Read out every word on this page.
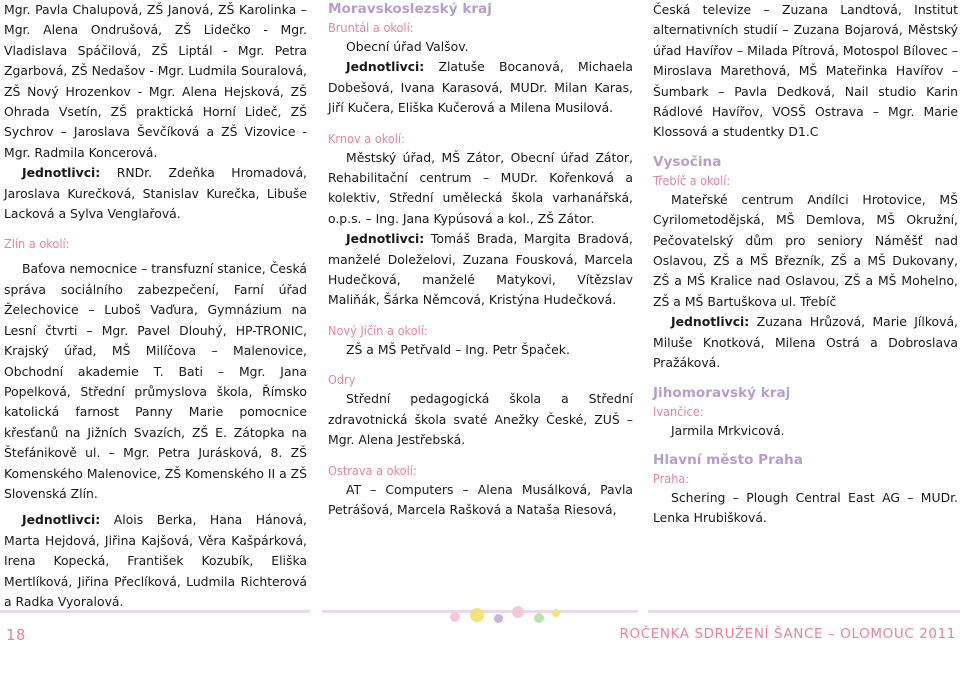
Mgr. Pavla Chalupová, ZŠ Janová, ZŠ Karolinka – Mgr. Alena Ondrušová, ZŠ Lidečko - Mgr. Vladislava Spáčilová, ZŠ Liptál - Mgr. Petra Zgarbová, ZŠ Nedašov - Mgr. Ludmila Souralová, ZŠ Nový Hrozenkov - Mgr. Alena Hejsková, ZŠ Ohrada Vsetín, ZŠ praktická Horní Lideč, ZŠ Sychrov – Jaroslava Ševčíková a ZŠ Vizovice - Mgr. Radmila Koncerová.

Jednotlivci: RNDr. Zdeňka Hromadová, Jaroslava Kurečková, Stanislav Kurečka, Libuše Lacková a Sylva Venglařová.

Zlín a okolí:

Baťova nemocnice – transfuzní stanice, Česká správa sociálního zabezpečení, Farní úřad Želechovice – Luboš Vaďura, Gymnázium na Lesní čtvrti – Mgr. Pavel Dlouhý, HP-TRONIC, Krajský úřad, MŠ Milíčova – Malenovice, Obchodní akademie T. Bati – Mgr. Jana Popelková, Střední průmyslova škola, Římsko katolická farnost Panny Marie pomocnice křesťanů na Jižních Svazích, ZŠ E. Zátopka na Štefánikově ul. – Mgr. Petra Jurásková, 8. ZŠ Komenského Malenovice, ZŠ Komenského II a ZŠ Slovenská Zlín.

Jednotlivci: Alois Berka, Hana Hánová, Marta Hejdová, Jiřina Kajšová, Věra Kašpárková, Irena Kopecká, František Kozubík, Eliška Mertlíková, Jiřina Přeclíková, Ludmila Richterová a Radka Vyoralová.

Moravskoslezský kraj
Bruntál a okolí:

Obecní úřad Valšov.

Jednotlivci: Zlatuše Bocanová, Michaela Dobešová, Ivana Karasová, MUDr. Milan Karas, Jiří Kučera, Eliška Kučerová a Milena Musilová.

Krnov a okolí:

Městský úřad, MŠ Zátor, Obecní úřad Zátor, Rehabilitační centrum – MUDr. Kořenková a kolektiv, Střední umělecká škola varhanářská, o.p.s. – Ing. Jana Kypúsová a kol., ZŠ Zátor.

Jednotlivci: Tomáš Brada, Margita Bradová, manželé Doleželovi, Zuzana Fousková, Marcela Hudečková, manželé Matykovi, Vítězslav Maliňák, Šárka Němcová, Kristýna Hudečková.

Nový Jičín a okolí:

ZŠ a MŠ Petřvald – Ing. Petr Špaček.

Odry

Střední pedagogická škola a Střední zdravotnická škola svaté Anežky České, ZUŠ – Mgr. Alena Jestřebská.

Ostrava a okolí:

AT – Computers – Alena Musálková, Pavla Petrášová, Marcela Rašková a Nataša Riesová,

Česká televize – Zuzana Landtová, Institut alternativních studií – Zuzana Bojarová, Městský úřad Havířov – Milada Pítrová, Motospol Bílovec – Miroslava Marethová, MŠ Mateřinka Havířov – Šumbark – Pavla Dedková, Nail studio Karin Rádlové Havířov, VOSŠ Ostrava – Mgr. Marie Klossová a studentky D1.C

Vysočina
Třebíč a okolí:

Mateřské centrum Andílci Hrotovice, MŠ Cyrilometodějská, MŠ Demlova, MŠ Okružní, Pečovatelský dům pro seniory Náměšť nad Oslavou, ZŠ a MŠ Březník, ZŠ a MŠ Dukovany, ZŠ a MŠ Kralice nad Oslavou, ZŠ a MŠ Mohelno, ZŠ a MŠ Bartuškova ul. Třebíč

Jednotlivci: Zuzana Hrůzová, Marie Jílková, Miluše Knotková, Milena Ostrá a Dobroslava Pražáková.

Jihomoravský kraj
Ivančice:

Jarmila Mrkvicová.

Hlavní město Praha
Praha:

Schering – Plough Central East AG – MUDr. Lenka Hrubišková.

18	ROČENKA SDRUŽENÍ ŠANCE – OLOMOUC 2011
